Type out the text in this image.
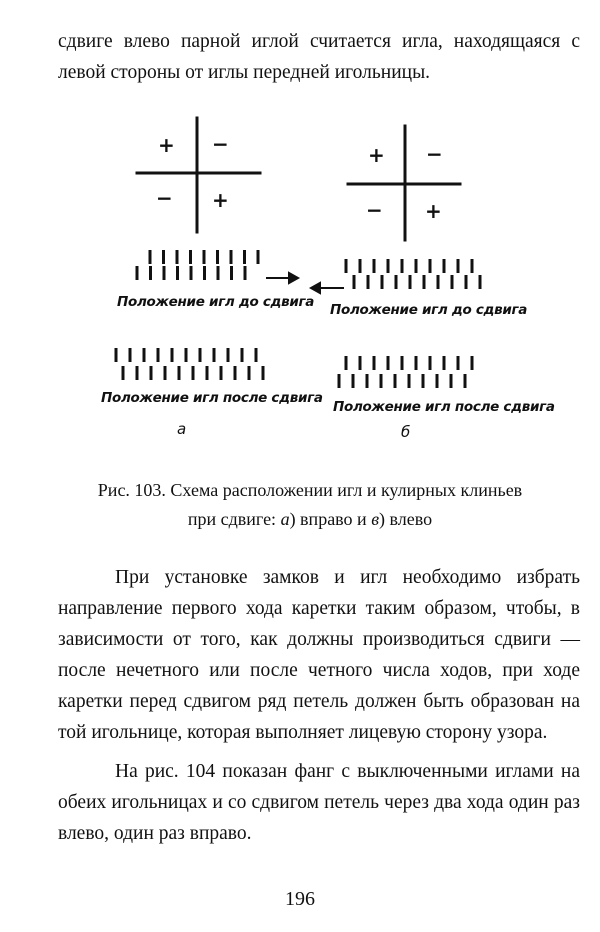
сдвиге влево парной иглой считается игла, находящаяся с левой стороны от иглы передней игольницы.
+ −
− +
+ −
− +
Положение игл до сдвига Положение игл до сдвига
Положение игл после сдвига
Положение игл после сдвига
а	б
Рис. 103. Схема расположении игл и кулирных клиньев
при сдвиге: а) вправо и в) влево
При установке замков и игл необходимо избрать направление первого хода каретки таким образом, чтобы, в зависимости от того, как должны производиться сдвиги — после нечетного или после четного числа ходов, при ходе каретки перед сдвигом ряд петель должен быть образован на той игольнице, которая выполняет лицевую сторону узора.
На рис. 104 показан фанг с выключенными иглами на обеих игольницах и со сдвигом петель через два хода один раз влево, один раз вправо.
196
